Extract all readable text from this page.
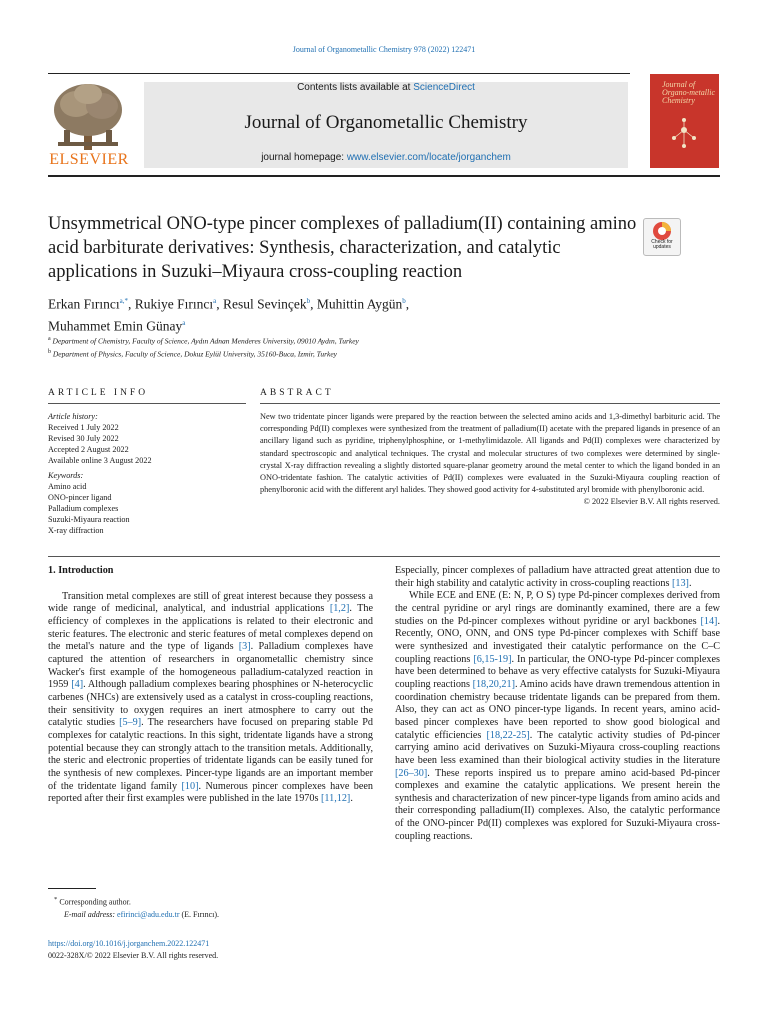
Journal of Organometallic Chemistry 978 (2022) 122471
ELSEVIER
Contents lists available at ScienceDirect
Journal of Organometallic Chemistry
journal homepage: www.elsevier.com/locate/jorganchem
Journal of Organo-metallic Chemistry
Unsymmetrical ONO-type pincer complexes of palladium(II) containing amino acid barbiturate derivatives: Synthesis, characterization, and catalytic applications in Suzuki–Miyaura cross-coupling reaction
Check for updates
Erkan Fırıncı$^{a,*}$, Rukiye Fırıncı$^a$, Resul Sevinçek$^b$, Muhittin Aygün$^b$,
Muhammet Emin Günay$^a$
$^a$ Department of Chemistry, Faculty of Science, Aydın Adnan Menderes University, 09010 Aydın, Turkey
$^b$ Department of Physics, Faculty of Science, Dokuz Eylül University, 35160-Buca, Izmir, Turkey
ARTICLE INFO	ABSTRACT
Article history:
Received 1 July 2022
Revised 30 July 2022
Accepted 2 August 2022
Available online 3 August 2022
Keywords:
Amino acid
ONO-pincer ligand
Palladium complexes
Suzuki-Miyaura reaction
X-ray diffraction
New two tridentate pincer ligands were prepared by the reaction between the selected amino acids and 1,3-dimethyl barbituric acid. The corresponding Pd(II) complexes were synthesized from the treatment of palladium(II) acetate with the prepared ligands in presence of an ancillary ligand such as pyridine, triphenylphosphine, or 1-methylimidazole. All ligands and Pd(II) complexes were characterized by standard spectroscopic and analytical techniques. The crystal and molecular structures of two complexes were determined by single-crystal X-ray diffraction revealing a slightly distorted square-planar geometry around the metal center to which the ligand bonded in an ONO-tridentate fashion. The catalytic activities of Pd(II) complexes were evaluated in the Suzuki-Miyaura coupling reaction of phenylboronic acid with the different aryl halides. They showed good activity for 4-substituted aryl bromide with phenylboronic acid.
© 2022 Elsevier B.V. All rights reserved.
1. Introduction
Transition metal complexes are still of great interest because they possess a wide range of medicinal, analytical, and industrial applications [1,2]. The efficiency of complexes in the applications is related to their electronic and steric features. The electronic and steric features of metal complexes depend on the metal's nature and the type of ligands [3]. Palladium complexes have captured the attention of researchers in organometallic chemistry since Wacker's first example of the homogeneous palladium-catalyzed reaction in 1959 [4]. Although palladium complexes bearing phosphines or N-heterocyclic carbenes (NHCs) are extensively used as a catalyst in cross-coupling reactions, their sensitivity to oxygen requires an inert atmosphere to carry out the catalytic studies [5–9]. The researchers have focused on preparing stable Pd complexes for catalytic reactions. In this sight, tridentate ligands have a strong potential because they can strongly attach to the transition metals. Additionally, the steric and electronic properties of tridentate ligands can be easily tuned for the synthesis of new complexes. Pincer-type ligands are an important member of the tridentate ligand family [10]. Numerous pincer complexes have been reported after their first examples were published in the late 1970s [11,12].
Especially, pincer complexes of palladium have attracted great attention due to their high stability and catalytic activity in cross-coupling reactions [13].
While ECE and ENE (E: N, P, O S) type Pd-pincer complexes derived from the central pyridine or aryl rings are dominantly examined, there are a few studies on the Pd-pincer complexes without pyridine or aryl backbones [14]. Recently, ONO, ONN, and ONS type Pd-pincer complexes with Schiff base were synthesized and investigated their catalytic performance on the C–C coupling reactions [6,15-19]. In particular, the ONO-type Pd-pincer complexes have been determined to behave as very effective catalysts for Suzuki-Miyaura coupling reactions [18,20,21]. Amino acids have drawn tremendous attention in coordination chemistry because tridentate ligands can be prepared from them. Also, they can act as ONO pincer-type ligands. In recent years, amino acid-based pincer complexes have been reported to show good biological and catalytic efficiencies [18,22-25]. The catalytic activity studies of Pd-pincer carrying amino acid derivatives on Suzuki-Miyaura cross-coupling reactions have been less examined than their biological activity studies in the literature [26–30]. These reports inspired us to prepare amino acid-based Pd-pincer complexes and examine the catalytic applications. We present herein the synthesis and characterization of new pincer-type ligands from amino acids and their corresponding palladium(II) complexes. Also, the catalytic performance of the ONO-pincer Pd(II) complexes was explored for Suzuki-Miyaura cross-coupling reactions.
* Corresponding author.
E-mail address: efirinci@adu.edu.tr (E. Fırıncı).
https://doi.org/10.1016/j.jorganchem.2022.122471
0022-328X/© 2022 Elsevier B.V. All rights reserved.
